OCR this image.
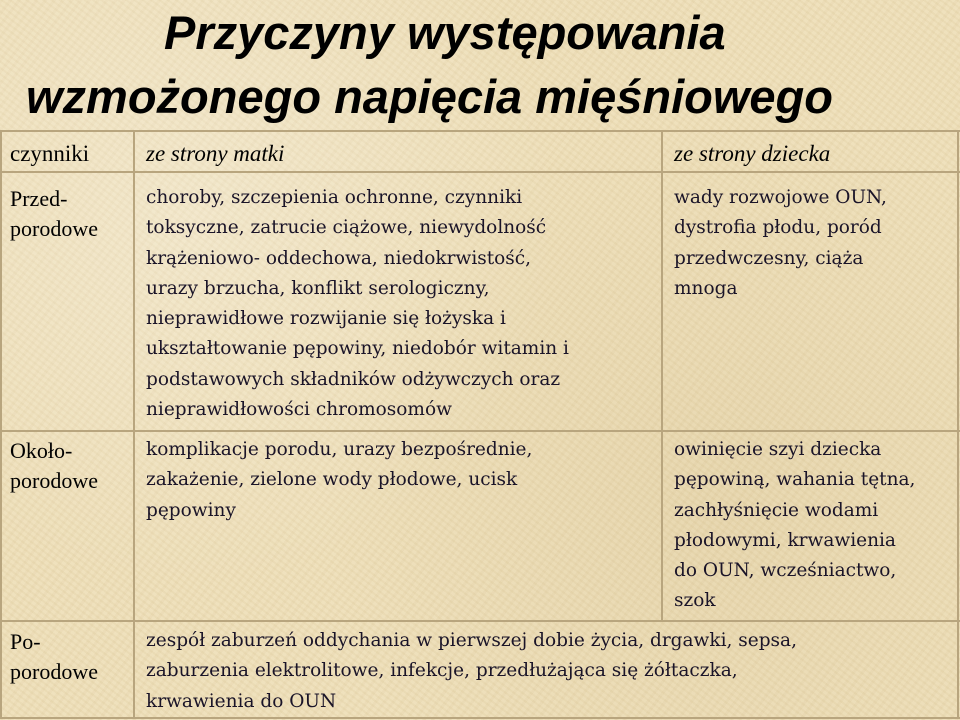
Przyczyny występowania
wzmożonego napięcia mięśniowego
czynniki ze strony matki	ze strony dziecka
Przed-
porodowe
choroby, szczepienia ochronne, czynniki
toksyczne, zatrucie ciążowe, niewydolność
krążeniowo- oddechowa, niedokrwistość,
urazy brzucha, konflikt serologiczny,
nieprawidłowe rozwijanie się łożyska i
ukształtowanie pępowiny, niedobór witamin i
podstawowych składników odżywczych oraz
nieprawidłowości chromosomów
wady rozwojowe OUN,
dystrofia płodu, poród
przedwczesny, ciąża
mnoga
Około-
porodowe
komplikacje porodu, urazy bezpośrednie,
zakażenie, zielone wody płodowe, ucisk
pępowiny
owinięcie szyi dziecka
pępowiną, wahania tętna,
zachłyśnięcie wodami
płodowymi, krwawienia
do OUN, wcześniactwo,
szok
Po-
porodowe
zespół zaburzeń oddychania w pierwszej dobie życia, drgawki, sepsa,
zaburzenia elektrolitowe, infekcje, przedłużająca się żółtaczka,
krwawienia do OUN
